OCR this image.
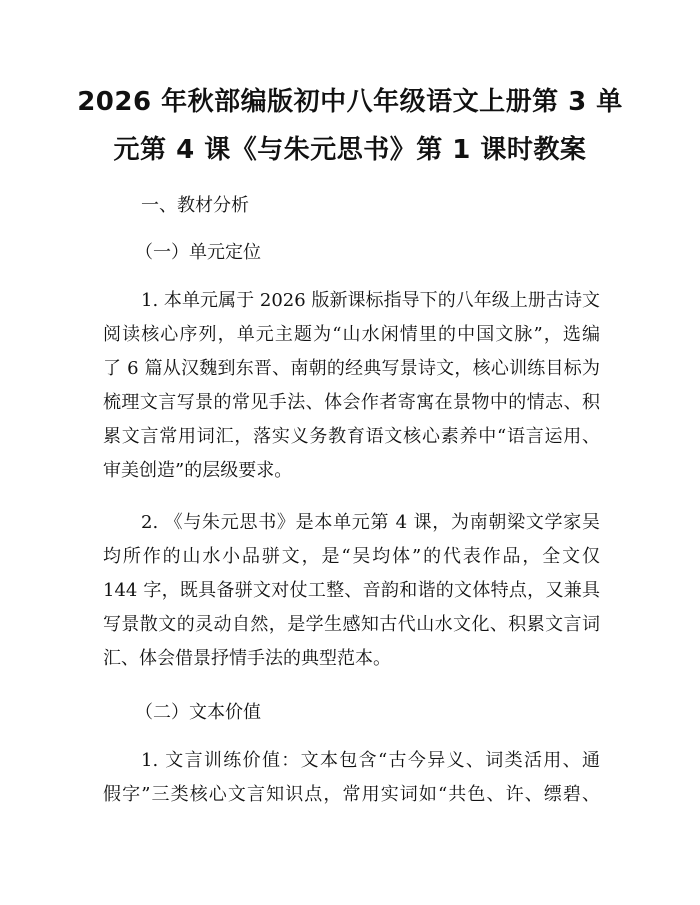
2026 年秋部编版初中八年级语文上册第 3 单
元第 4 课《与朱元思书》第 1 课时教案
一、教材分析
（一）单元定位
1. 本单元属于 2026 版新课标指导下的八年级上册古诗文
阅读核心序列，单元主题为“山水闲情里的中国文脉”，选编
了 6 篇从汉魏到东晋、南朝的经典写景诗文，核心训练目标为
梳理文言写景的常见手法、体会作者寄寓在景物中的情志、积
累文言常用词汇，落实义务教育语文核心素养中“语言运用、
审美创造”的层级要求。
2. 《与朱元思书》是本单元第 4 课，为南朝梁文学家吴
均所作的山水小品骈文，是“吴均体”的代表作品，全文仅
144 字，既具备骈文对仗工整、音韵和谐的文体特点，又兼具
写景散文的灵动自然，是学生感知古代山水文化、积累文言词
汇、体会借景抒情手法的典型范本。
（二）文本价值
1. 文言训练价值：文本包含“古今异义、词类活用、通
假字”三类核心文言知识点，常用实词如“共色、许、缥碧、
